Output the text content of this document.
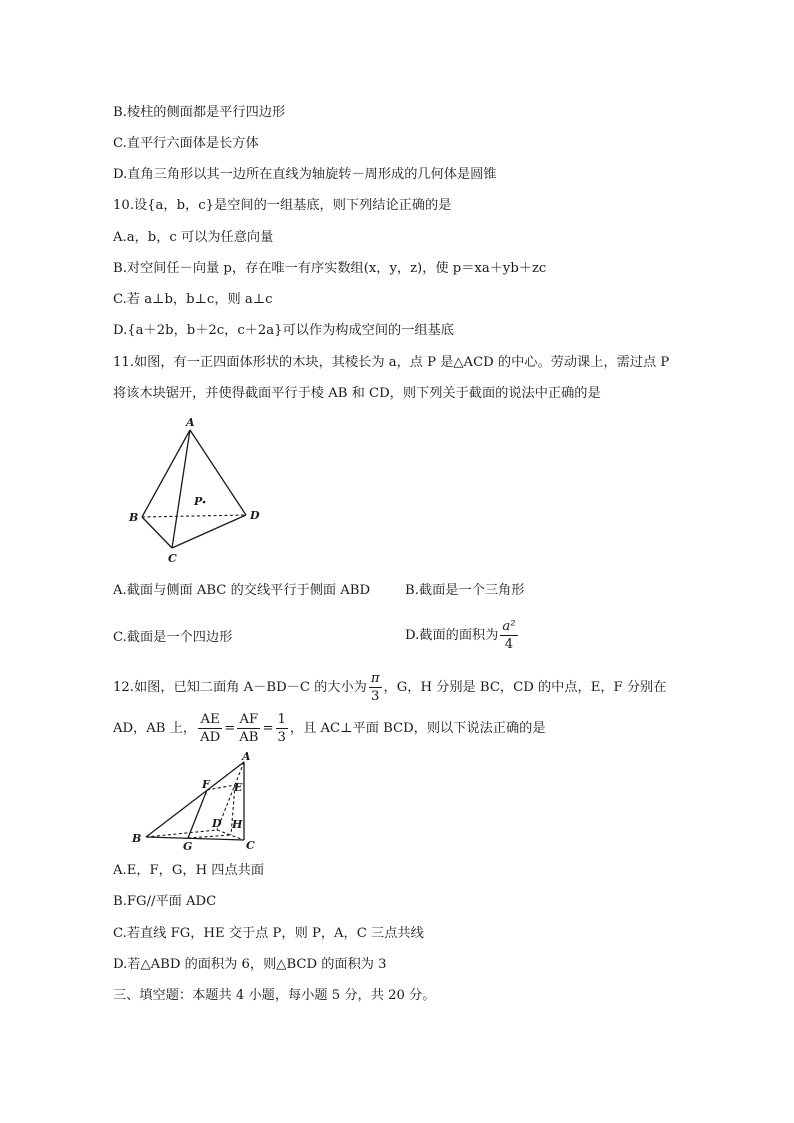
B.棱柱的侧面都是平行四边形
C.直平行六面体是长方体
D.直角三角形以其一边所在直线为轴旋转－周形成的几何体是圆锥
10.设{a，b，c}是空间的一组基底，则下列结论正确的是
A.a，b，c 可以为任意向量
B.对空间任－向量 p，存在唯一有序实数组(x，y，z)，使 p＝xa＋yb＋zc
C.若 a⊥b，b⊥c，则 a⊥c
D.{a＋2b，b＋2c，c＋2a}可以作为构成空间的一组基底
11.如图，有一正四面体形状的木块，其棱长为 a，点 P 是△ACD 的中心。劳动课上，需过点 P
将该木块锯开，并使得截面平行于棱 AB 和 CD，则下列关于截面的说法中正确的是
A
B
C
D
P
A.截面与侧面 ABC 的交线平行于侧面 ABD	B.截面是一个三角形
C.截面是一个四边形	D.截面的面积为 $\frac{\text{a²}}{4}$
12.如图，已知二面角 A－BD－C 的大小为 $\frac{\pi}{3}$ ，G，H 分别是 BC，CD 的中点，E，F 分别在
AD，AB 上， $\frac{AE}{AD} = \frac{AF}{AB} = \frac{1}{3}$ ，且 AC⊥平面 BCD，则以下说法正确的是
A
B
C
D
E
F
G
H
A.E，F，G，H 四点共面
B.FG//平面 ADC
C.若直线 FG，HE 交于点 P，则 P，A，C 三点共线
D.若△ABD 的面积为 6，则△BCD 的面积为 3
三、填空题：本题共 4 小题，每小题 5 分，共 20 分。
